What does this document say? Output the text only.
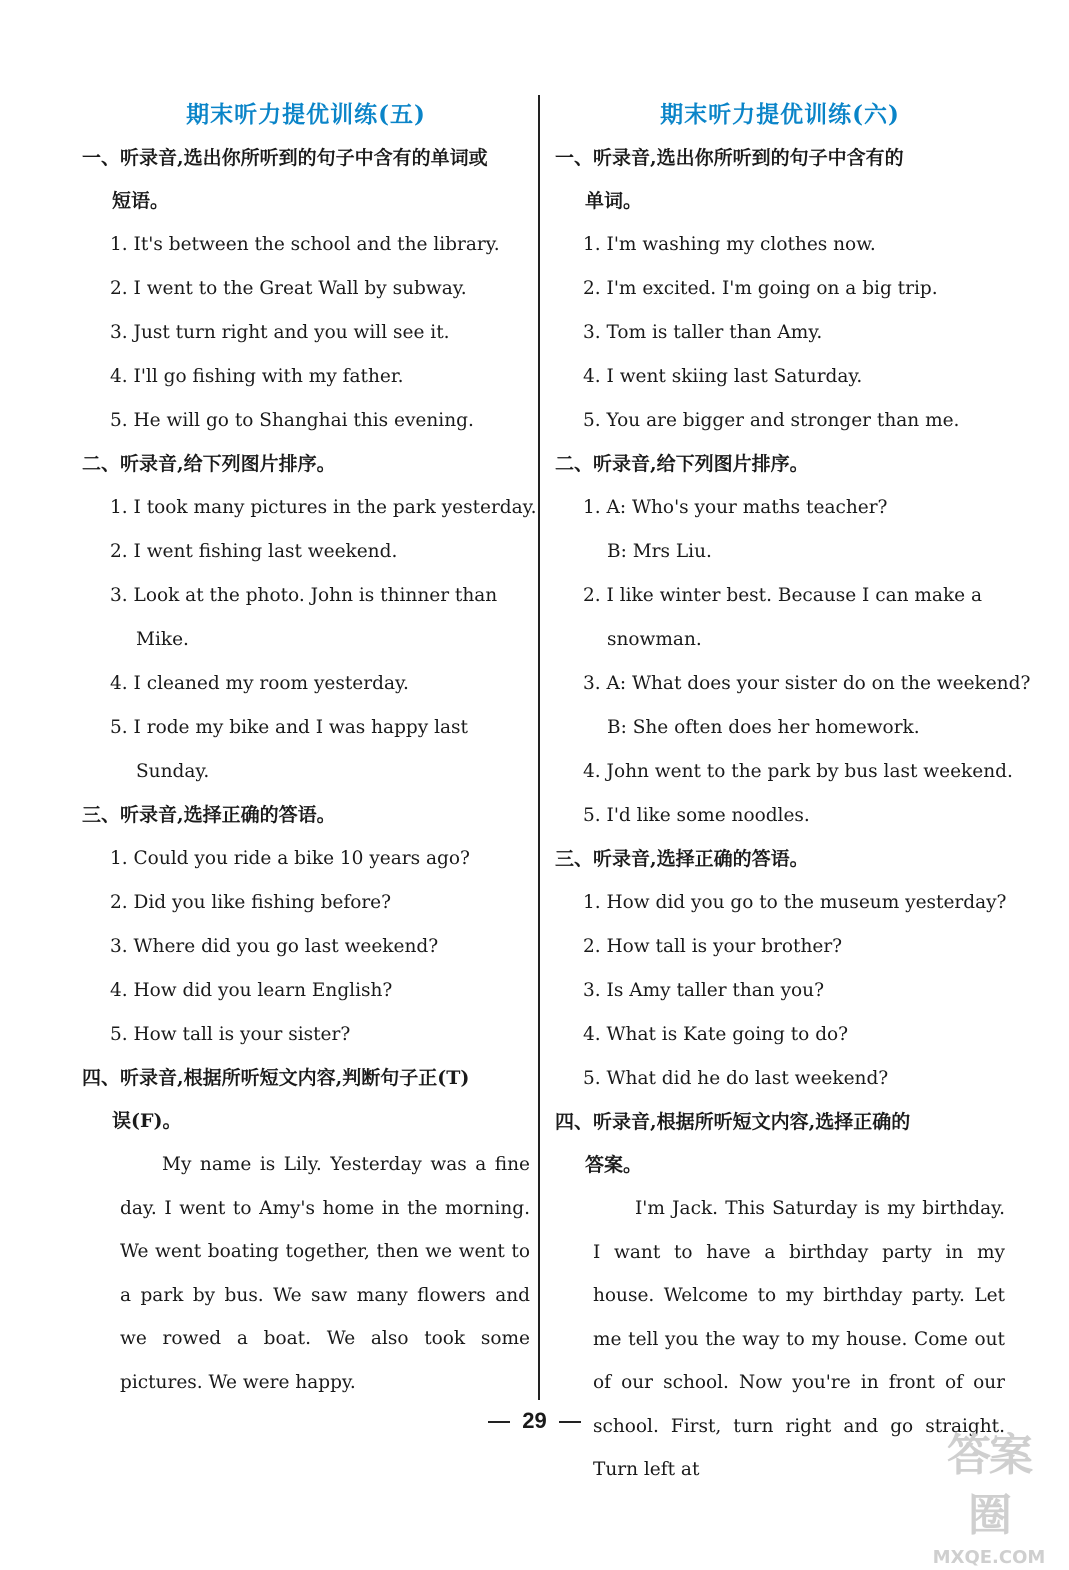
期末听力提优训练(五)
一、听录音,选出你所听到的句子中含有的单词或
短语。
1. It's between the school and the library.
2. I went to the Great Wall by subway.
3. Just turn right and you will see it.
4. I'll go fishing with my father.
5. He will go to Shanghai this evening.
二、听录音,给下列图片排序。
1. I took many pictures in the park yesterday.
2. I went fishing last weekend.
3. Look at the photo. John is thinner than
Mike.
4. I cleaned my room yesterday.
5. I rode my bike and I was happy last
Sunday.
三、听录音,选择正确的答语。
1. Could you ride a bike 10 years ago?
2. Did you like fishing before?
3. Where did you go last weekend?
4. How did you learn English?
5. How tall is your sister?
四、听录音,根据所听短文内容,判断句子正(T)
误(F)。
My name is Lily. Yesterday was a fine day. I went to Amy's home in the morning. We went boating together, then we went to a park by bus. We saw many flowers and we rowed a boat. We also took some pictures. We were happy.
期末听力提优训练(六)
一、听录音,选出你所听到的句子中含有的
单词。
1. I'm washing my clothes now.
2. I'm excited. I'm going on a big trip.
3. Tom is taller than Amy.
4. I went skiing last Saturday.
5. You are bigger and stronger than me.
二、听录音,给下列图片排序。
1. A: Who's your maths teacher?
B: Mrs Liu.
2. I like winter best. Because I can make a
snowman.
3. A: What does your sister do on the weekend?
B: She often does her homework.
4. John went to the park by bus last weekend.
5. I'd like some noodles.
三、听录音,选择正确的答语。
1. How did you go to the museum yesterday?
2. How tall is your brother?
3. Is Amy taller than you?
4. What is Kate going to do?
5. What did he do last weekend?
四、听录音,根据所听短文内容,选择正确的
答案。
I'm Jack. This Saturday is my birthday. I want to have a birthday party in my house. Welcome to my birthday party. Let me tell you the way to my house. Come out of our school. Now you're in front of our school. First, turn right and go straight. Turn left at
29
答案圈
MXQE.COM
